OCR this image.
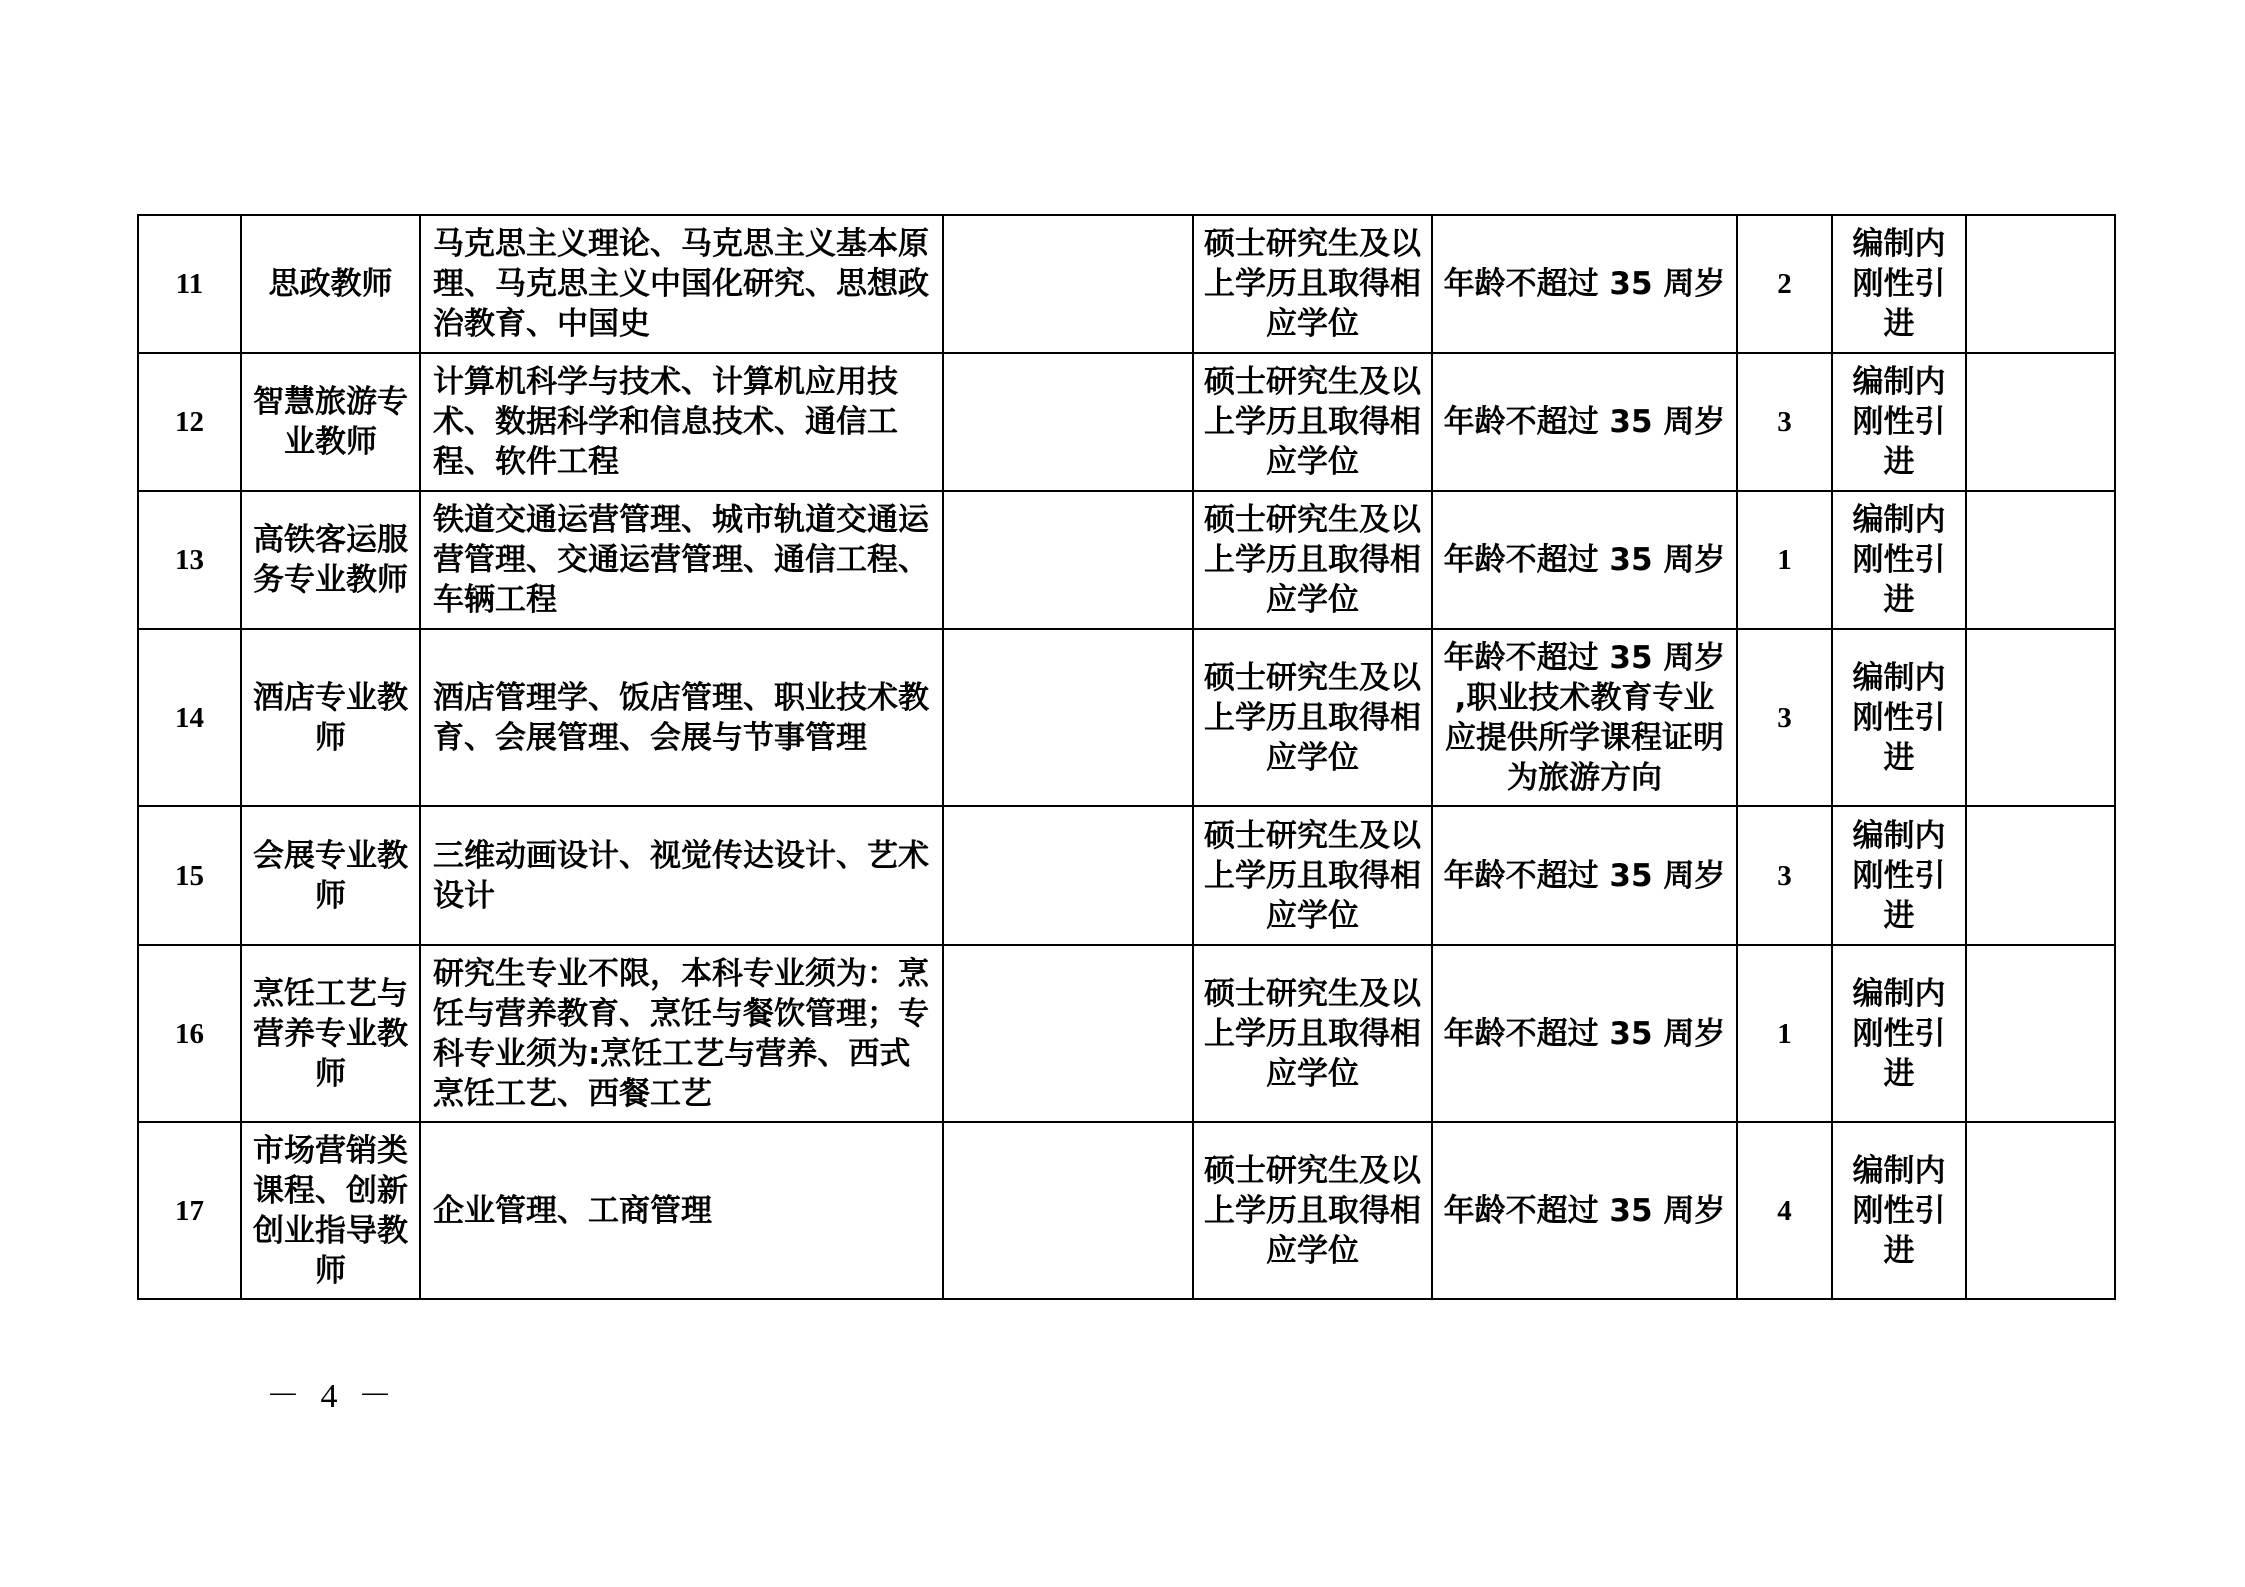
11	思政教师	马克思主义理论、马克思主义基本原理、马克思主义中国化研究、思想政治教育、中国史		硕士研究生及以上学历且取得相应学位	年龄不超过 35 周岁	2	编制内刚性引进	
12	智慧旅游专业教师	计算机科学与技术、计算机应用技术、数据科学和信息技术、通信工程、软件工程		硕士研究生及以上学历且取得相应学位	年龄不超过 35 周岁	3	编制内刚性引进	
13	高铁客运服务专业教师	铁道交通运营管理、城市轨道交通运营管理、交通运营管理、通信工程、车辆工程		硕士研究生及以上学历且取得相应学位	年龄不超过 35 周岁	1	编制内刚性引进	
14	酒店专业教师	酒店管理学、饭店管理、职业技术教育、会展管理、会展与节事管理		硕士研究生及以上学历且取得相应学位	年龄不超过 35 周岁 ,职业技术教育专业应提供所学课程证明为旅游方向	3	编制内刚性引进	
15	会展专业教师	三维动画设计、视觉传达设计、艺术设计		硕士研究生及以上学历且取得相应学位	年龄不超过 35 周岁	3	编制内刚性引进	
16	烹饪工艺与营养专业教师	研究生专业不限，本科专业须为：烹饪与营养教育、烹饪与餐饮管理；专科专业须为:烹饪工艺与营养、西式烹饪工艺、西餐工艺		硕士研究生及以上学历且取得相应学位	年龄不超过 35 周岁	1	编制内刚性引进	
17	市场营销类课程、创新创业指导教师	企业管理、工商管理		硕士研究生及以上学历且取得相应学位	年龄不超过 35 周岁	4	编制内刚性引进	
－ 4 －
